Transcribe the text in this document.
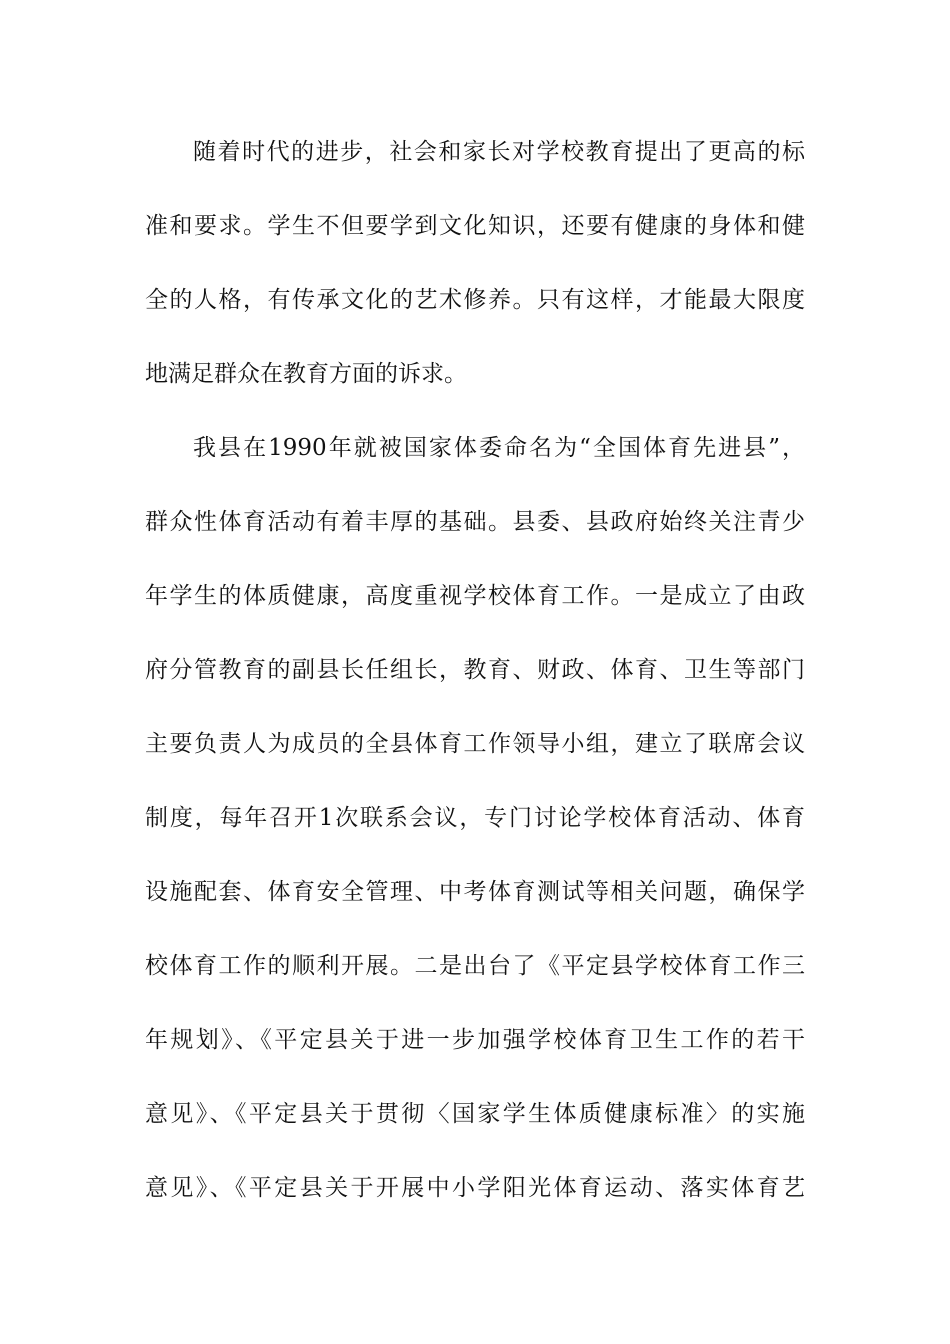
随着时代的进步，社会和家长对学校教育提出了更高的标
准和要求。学生不但要学到文化知识，还要有健康的身体和健
全的人格，有传承文化的艺术修养。只有这样，才能最大限度
地满足群众在教育方面的诉求。
我县在1990年就被国家体委命名为“全国体育先进县”，
群众性体育活动有着丰厚的基础。县委、县政府始终关注青少
年学生的体质健康，高度重视学校体育工作。一是成立了由政
府分管教育的副县长任组长，教育、财政、体育、卫生等部门
主要负责人为成员的全县体育工作领导小组，建立了联席会议
制度，每年召开1次联系会议，专门讨论学校体育活动、体育
设施配套、体育安全管理、中考体育测试等相关问题，确保学
校体育工作的顺利开展。二是出台了《平定县学校体育工作三
年规划》、《平定县关于进一步加强学校体育卫生工作的若干
意见》、《平定县关于贯彻〈国家学生体质健康标准〉的实施
意见》、《平定县关于开展中小学阳光体育运动、落实体育艺
